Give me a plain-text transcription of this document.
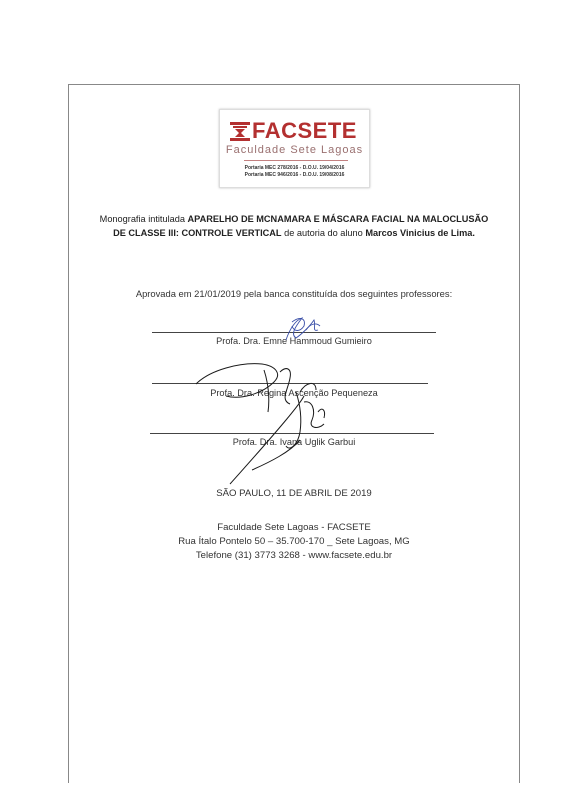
FACSETE
Faculdade Sete Lagoas
Portaria MEC 278/2016 - D.O.U. 19/04/2016
Portaria MEC 946/2016 - D.O.U. 19/08/2016
Monografia intitulada APARELHO DE MCNAMARA E MÁSCARA FACIAL NA MALOCLUSÃO
DE CLASSE III: CONTROLE VERTICAL de autoria do aluno Marcos Vinicius de Lima.
Aprovada em 21/01/2019 pela banca constituída dos seguintes professores:
Profa. Dra. Emne Hammoud Gumieiro
Profa. Dra. Regina Ascenção Pequeneza
Profa. Dra. Ivana Uglik Garbui
SÃO PAULO, 11 DE ABRIL DE 2019
Faculdade Sete Lagoas - FACSETE
Rua Ítalo Pontelo 50 – 35.700-170 _ Sete Lagoas, MG
Telefone (31) 3773 3268 - www.facsete.edu.br
